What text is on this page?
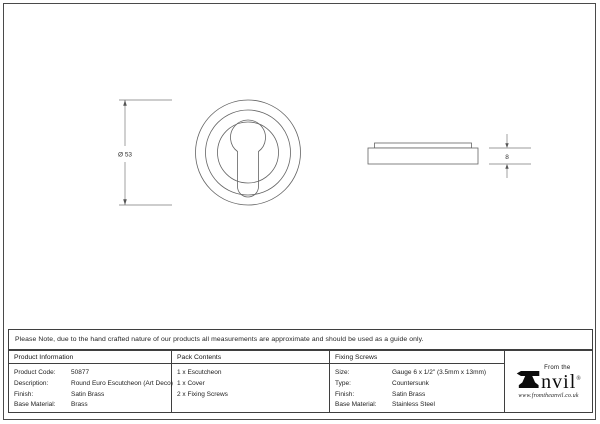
Ø 53	8
Please Note, due to the hand crafted nature of our products all measurements are approximate and should be used as a guide only.
Product Information
Product Code:	50877
Description:	Round Euro Escutcheon (Art Deco)
Finish:	Satin Brass
Base Material:	Brass
Pack Contents
1 x Escutcheon
1 x Cover
2 x Fixing Screws
Fixing Screws
Size:	Gauge 6 x 1/2" (3.5mm x 13mm)
Type:	Countersunk
Finish:	Satin Brass
Base Material:	Stainless Steel
From the
nvil®
www.fromtheanvil.co.uk
